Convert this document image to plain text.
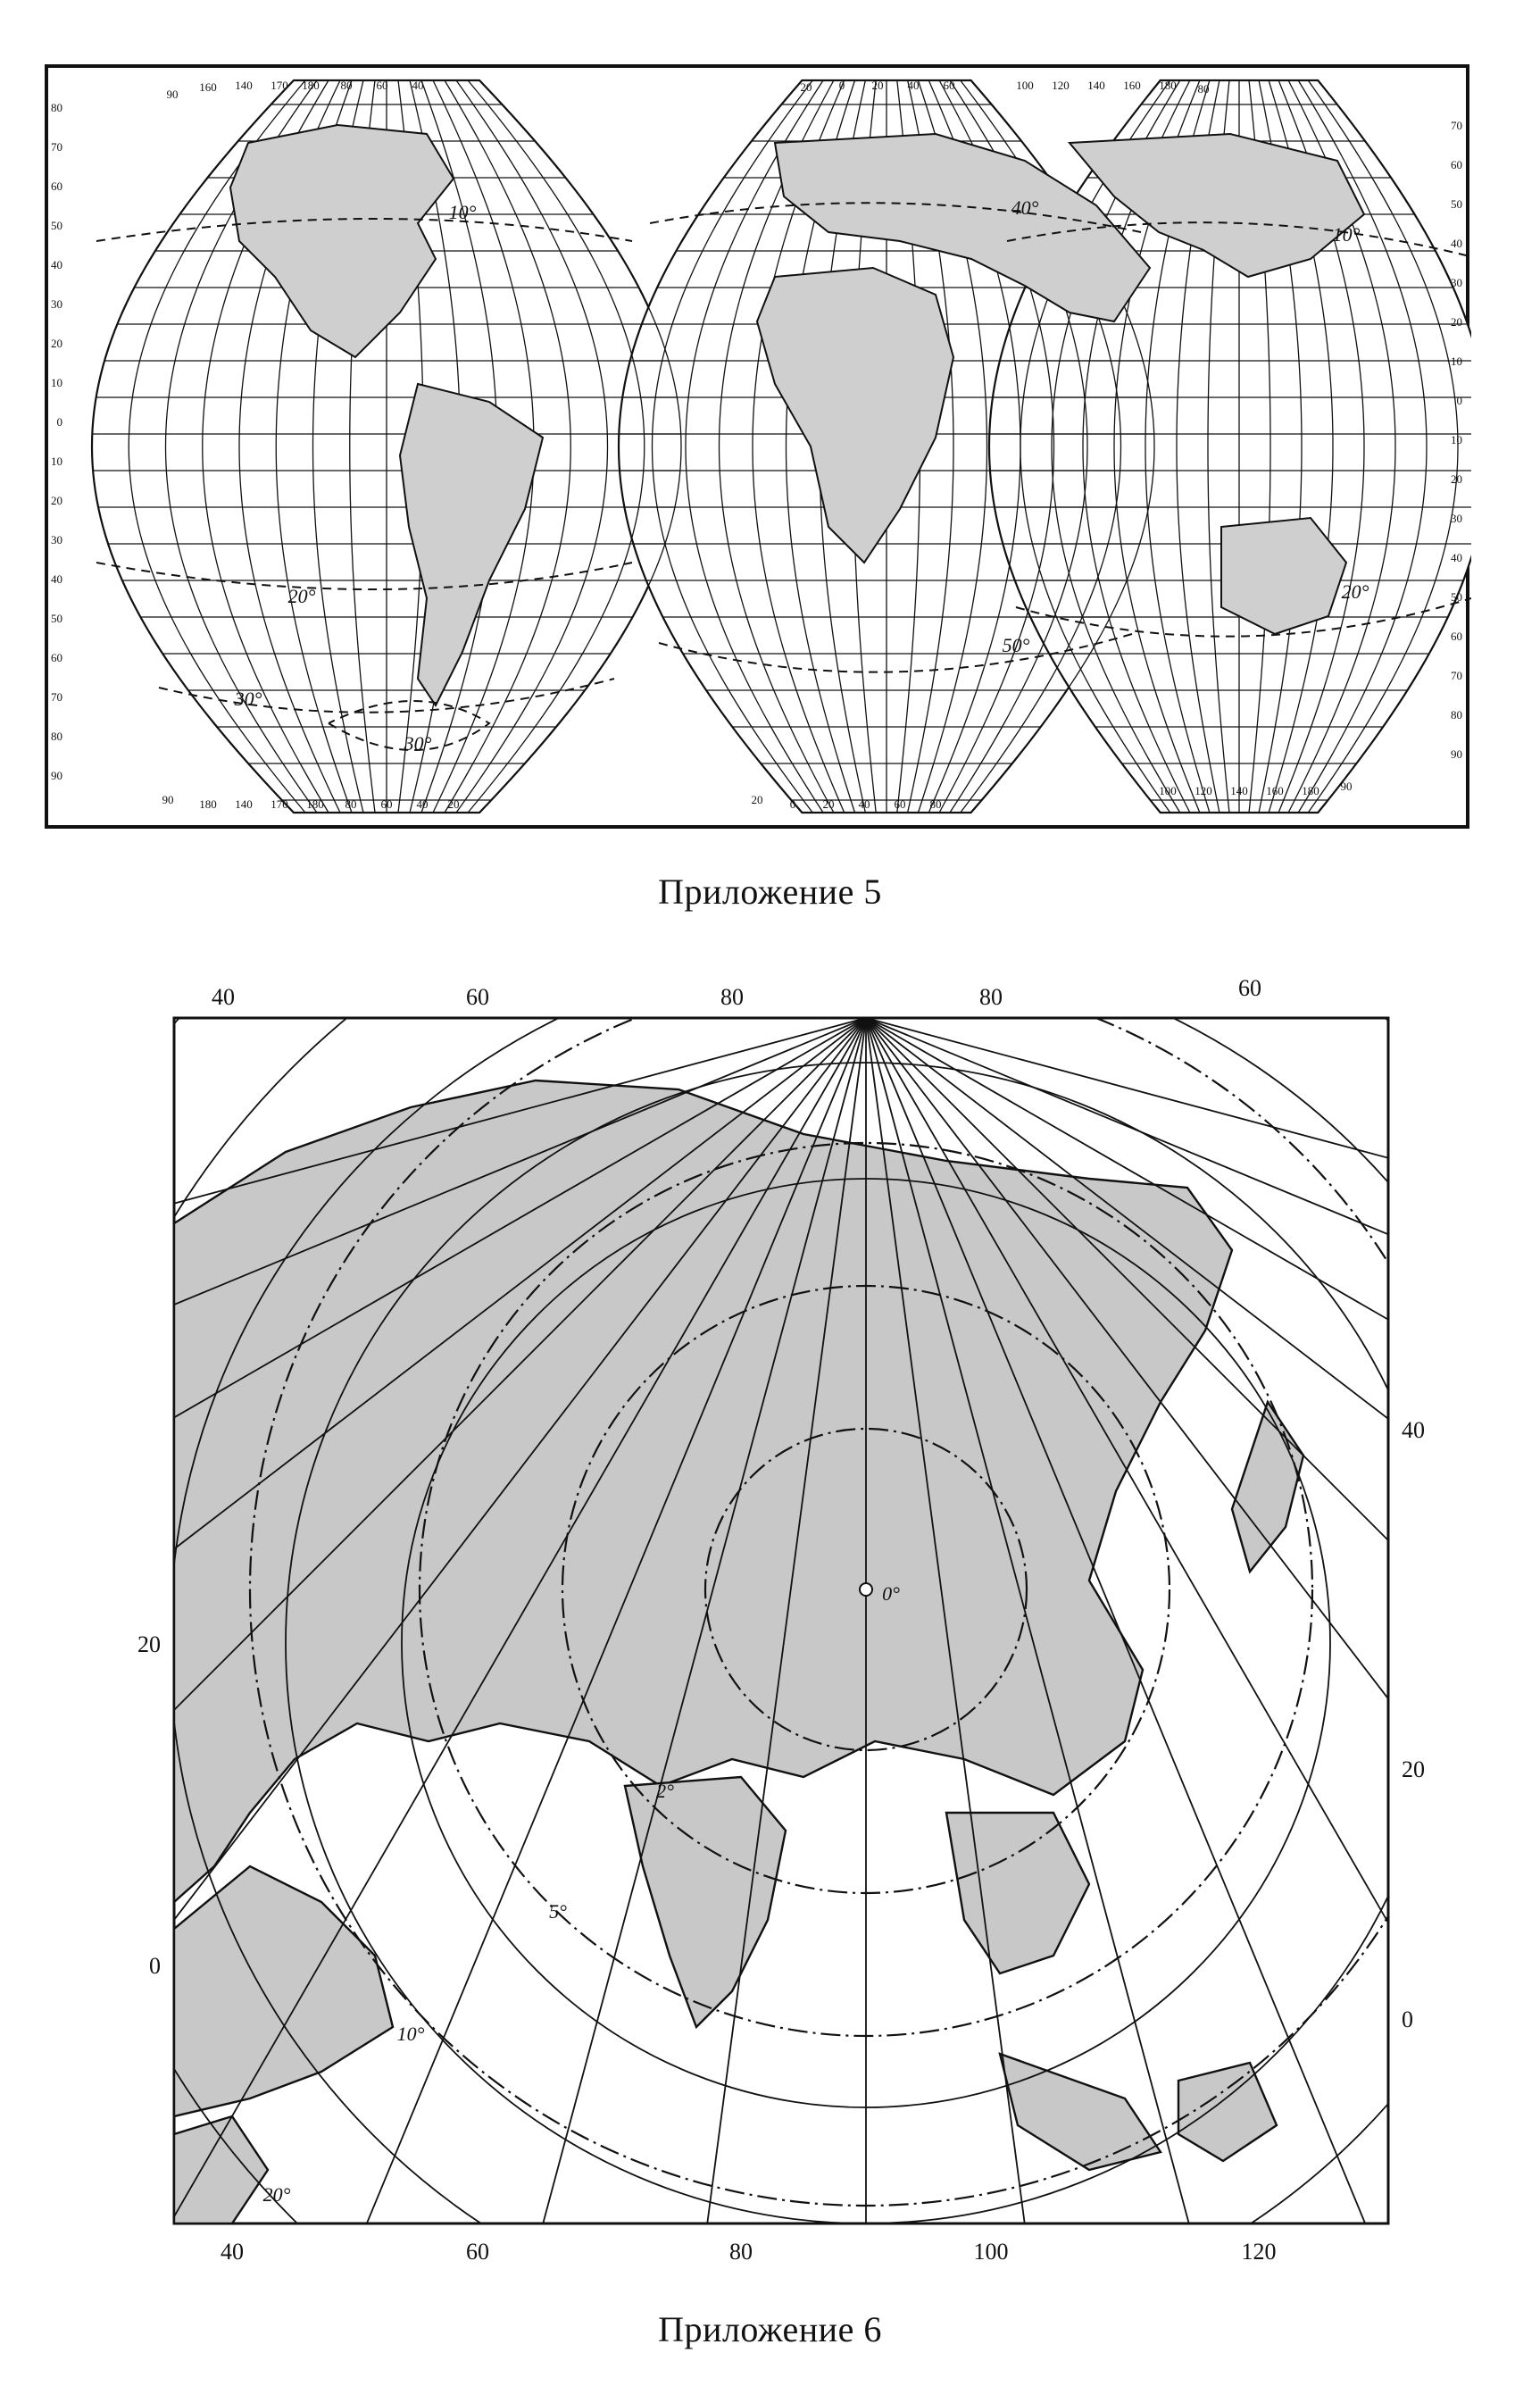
90
160 140 170 180 80 60 40	20 0 20 40 60	100 120 140 160 180 80
80
70
60
50
40
30
20
10
0
10
20
30
40
50
60
70
80
90
70
60
50
40
30
20
10
0
10
20
30
40
50
60
70
80
90
90 180 140 170 180 80 60 40 20	20 0 20 40 60 80
100 120 140 160 180 90
10°
20°
30°
40°
50°
10°
20°
30°
Приложение 5
40	60	80	80	60
40	60	80	100	120
20
0
40
20
0
0°
2°
5°
10°
20°
Приложение 6
